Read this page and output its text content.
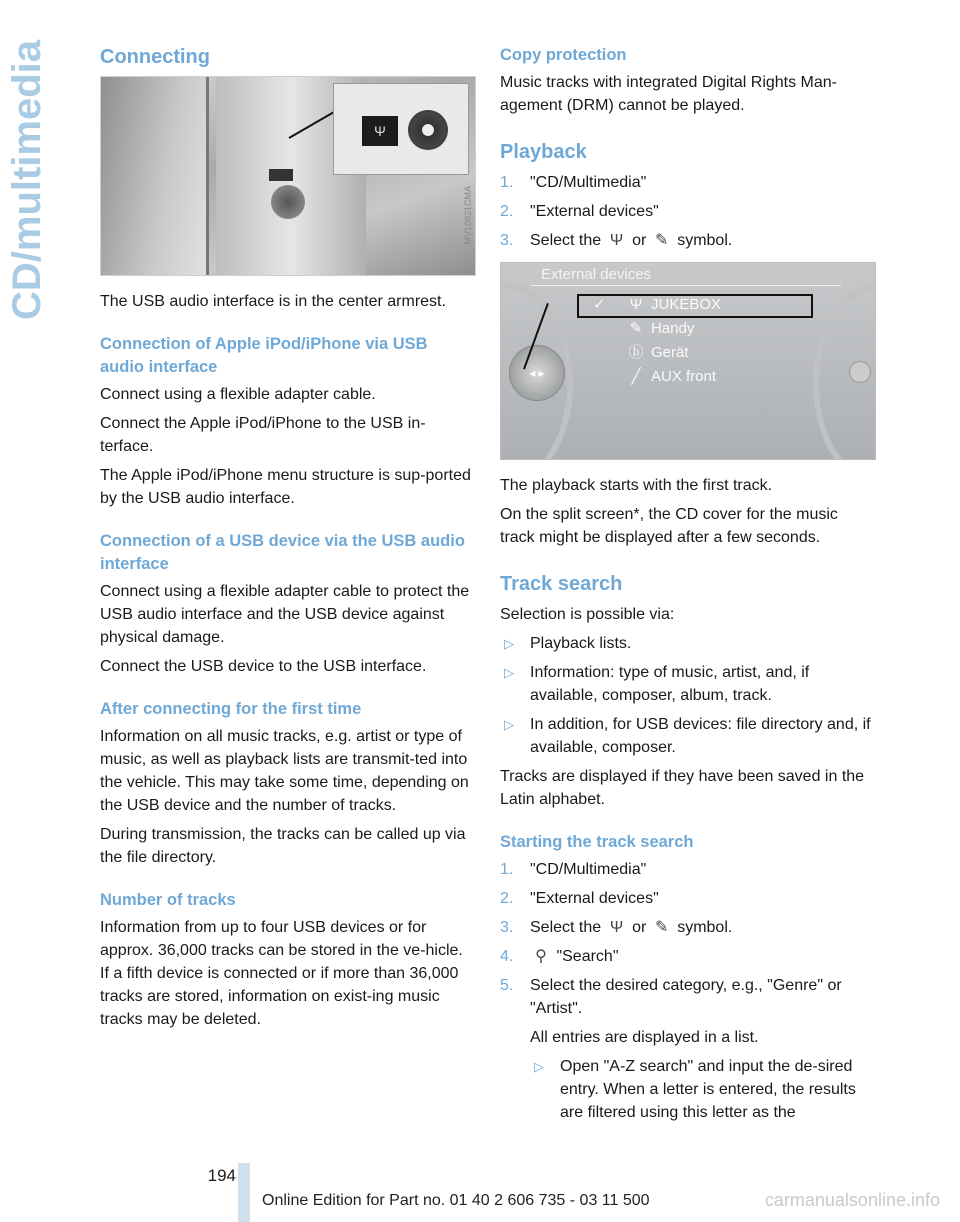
CD/multimedia	Connecting
Ψ
MV10821CMA

The USB audio interface is in the center armrest.

Connection of Apple iPod/iPhone via USB audio interface

Connect using a flexible adapter cable.

Connect the Apple iPod/iPhone to the USB in-terface.

The Apple iPod/iPhone menu structure is sup-ported by the USB audio interface.

Connection of a USB device via the USB audio interface

Connect using a flexible adapter cable to protect the USB audio interface and the USB device against physical damage.

Connect the USB device to the USB interface.

After connecting for the first time

Information on all music tracks, e.g. artist or type of music, as well as playback lists are transmit-ted into the vehicle. This may take some time, depending on the USB device and the number of tracks.

During transmission, the tracks can be called up via the file directory.

Number of tracks

Information from up to four USB devices or for approx. 36,000 tracks can be stored in the ve-hicle. If a fifth device is connected or if more than 36,000 tracks are stored, information on exist-ing music tracks may be deleted.

Copy protection

Music tracks with integrated Digital Rights Man-agement (DRM) cannot be played.

Playback
1. "CD/Multimedia"
2. "External devices"
3. Select the Ψ or ✎ symbol.
◂ ▸
External devices
✓ Ψ JUKEBOX
✎ Handy
ⓑ Gerät
╱ AUX front

The playback starts with the first track.

On the split screen*, the CD cover for the music track might be displayed after a few seconds.

Track search

Selection is possible via:

▷ Playback lists.
▷ Information: type of music, artist, and, if available, composer, album, track.
▷ In addition, for USB devices: file directory and, if available, composer.

Tracks are displayed if they have been saved in the Latin alphabet.

Starting the track search
1. "CD/Multimedia"
2. "External devices"
3. Select the Ψ or ✎ symbol.
4. ⚲ "Search"
5. Select the desired category, e.g., "Genre" or "Artist".
All entries are displayed in a list.
▷ Open "A-Z search" and input the de-sired entry. When a letter is entered, the results are filtered using this letter as the
194
Online Edition for Part no. 01 40 2 606 735 - 03 11 500	carmanualsonline.info
